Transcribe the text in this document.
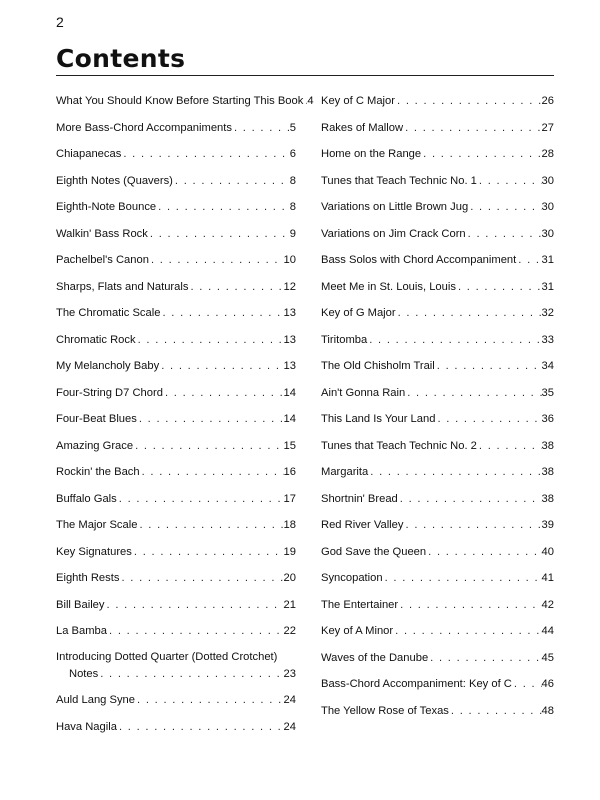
2
Contents
What You Should Know Before Starting This Book . . . 4
More Bass-Chord Accompaniments . . .	5
Chiapanecas . . .	6
Eighth Notes (Quavers) . . .	8
Eighth-Note Bounce . . .	8
Walkin' Bass Rock . . .	9
Pachelbel's Canon . . .	10
Sharps, Flats and Naturals . . .	12
The Chromatic Scale . . .	13
Chromatic Rock . . .	13
My Melancholy Baby . . .	13
Four-String D7 Chord . . .	14
Four-Beat Blues . . .	14
Amazing Grace . . .	15
Rockin' the Bach . . .	16
Buffalo Gals . . .	17
The Major Scale . . .	18
Key Signatures . . .	19
Eighth Rests . . .	20
Bill Bailey . . .	21
La Bamba . . .	22
Introducing Dotted Quarter (Dotted Crotchet)
Notes . . .	23
Auld Lang Syne . . .	24
Hava Nagila . . .	24
Key of C Major . . .	26
Rakes of Mallow . . .	27
Home on the Range . . .	28
Tunes that Teach Technic No. 1 . . .	30
Variations on Little Brown Jug . . .	30
Variations on Jim Crack Corn . . .	30
Bass Solos with Chord Accompaniment . . . 31
Meet Me in St. Louis, Louis . . .	31
Key of G Major . . .	32
Tiritomba . . .	33
The Old Chisholm Trail . . .	34
Ain't Gonna Rain . . .	35
This Land Is Your Land . . .	36
Tunes that Teach Technic No. 2 . . .	38
Margarita . . .	38
Shortnin' Bread . . .	38
Red River Valley . . .	39
God Save the Queen . . .	40
Syncopation . . .	41
The Entertainer . . .	42
Key of A Minor . . .	44
Waves of the Danube . . .	45
Bass-Chord Accompaniment: Key of C . . .	46
The Yellow Rose of Texas . . .	48
